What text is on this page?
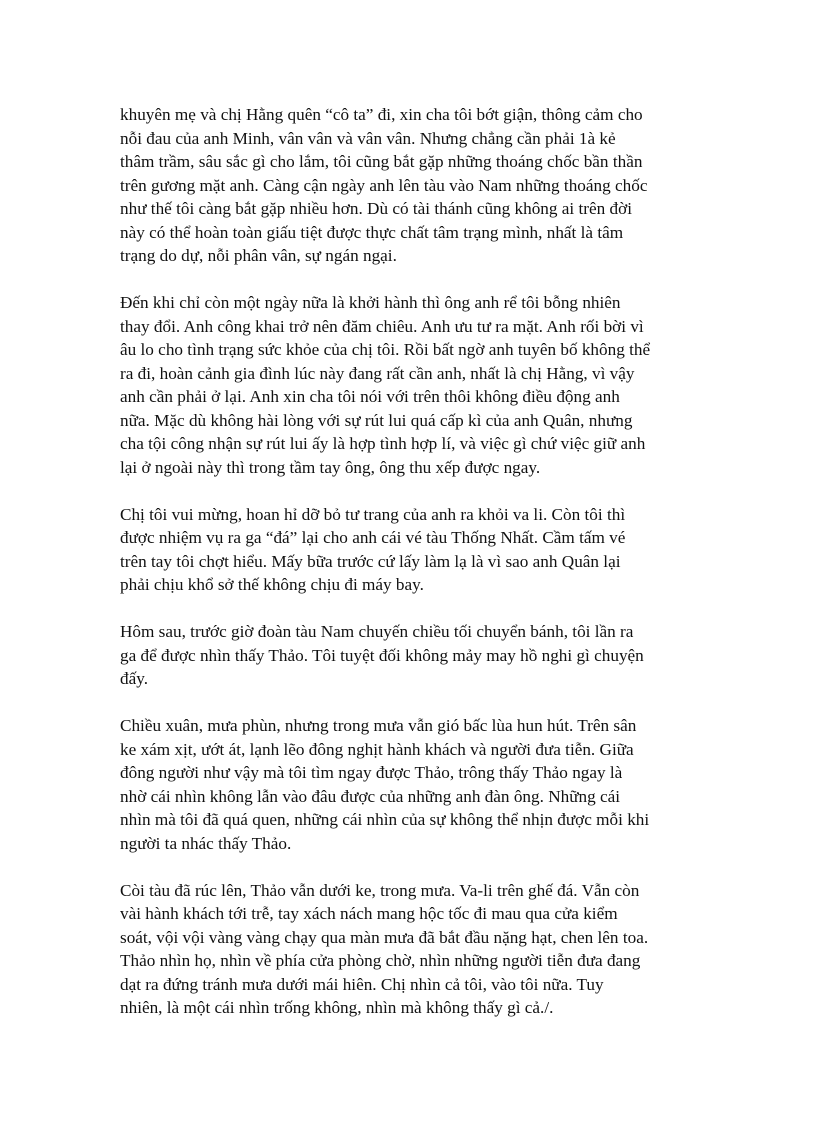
khuyên mẹ và chị Hằng quên “cô ta” đi, xin cha tôi bớt giận, thông cảm cho
nỗi đau của anh Minh, vân vân và vân vân. Nhưng chẳng cần phải 1à kẻ
thâm trầm, sâu sắc gì cho lắm, tôi cũng bắt gặp những thoáng chốc bần thần
trên gương mặt anh. Càng cận ngày anh lên tàu vào Nam những thoáng chốc
như thế tôi càng bắt gặp nhiều hơn. Dù có tài thánh cũng không ai trên đời
này có thể hoàn toàn giấu tiệt được thực chất tâm trạng mình, nhất là tâm
trạng do dự, nỗi phân vân, sự ngán ngại.
Đến khi chỉ còn một ngày nữa là khởi hành thì ông anh rể tôi bỗng nhiên
thay đổi. Anh công khai trở nên đăm chiêu. Anh ưu tư ra mặt. Anh rối bời vì
âu lo cho tình trạng sức khỏe của chị tôi. Rồi bất ngờ anh tuyên bố không thể
ra đi, hoàn cảnh gia đình lúc này đang rất cần anh, nhất là chị Hằng, vì vậy
anh cần phải ở lại. Anh xin cha tôi nói với trên thôi không điều động anh
nữa. Mặc dù không hài lòng với sự rút lui quá cấp kì của anh Quân, nhưng
cha tội công nhận sự rút lui ấy là hợp tình hợp lí, và việc gì chứ việc giữ anh
lại ở ngoài này thì trong tầm tay ông, ông thu xếp được ngay.
Chị tôi vui mừng, hoan hỉ dỡ bỏ tư trang của anh ra khỏi va li. Còn tôi thì
được nhiệm vụ ra ga “đá” lại cho anh cái vé tàu Thống Nhất. Cầm tấm vé
trên tay tôi chợt hiểu. Mấy bữa trước cứ lấy làm lạ là vì sao anh Quân lại
phải chịu khổ sở thế không chịu đi máy bay.
Hôm sau, trước giờ đoàn tàu Nam chuyến chiều tối chuyển bánh, tôi lần ra
ga để được nhìn thấy Thảo. Tôi tuyệt đối không mảy may hồ nghi gì chuyện
đấy.
Chiều xuân, mưa phùn, nhưng trong mưa vẫn gió bấc lùa hun hút. Trên sân
ke xám xịt, ướt át, lạnh lẽo đông nghịt hành khách và người đưa tiễn. Giữa
đông người như vậy mà tôi tìm ngay được Thảo, trông thấy Thảo ngay là
nhờ cái nhìn không lẫn vào đâu được của những anh đàn ông. Những cái
nhìn mà tôi đã quá quen, những cái nhìn của sự không thể nhịn được mỗi khi
người ta nhác thấy Thảo.
Còi tàu đã rúc lên, Thảo vẫn dưới ke, trong mưa. Va-li trên ghế đá. Vẫn còn
vài hành khách tới trễ, tay xách nách mang hộc tốc đi mau qua cửa kiểm
soát, vội vội vàng vàng chạy qua màn mưa đã bắt đầu nặng hạt, chen lên toa.
Thảo nhìn họ, nhìn về phía cửa phòng chờ, nhìn những người tiễn đưa đang
dạt ra đứng tránh mưa dưới mái hiên. Chị nhìn cả tôi, vào tôi nữa. Tuy
nhiên, là một cái nhìn trống không, nhìn mà không thấy gì cả./.
